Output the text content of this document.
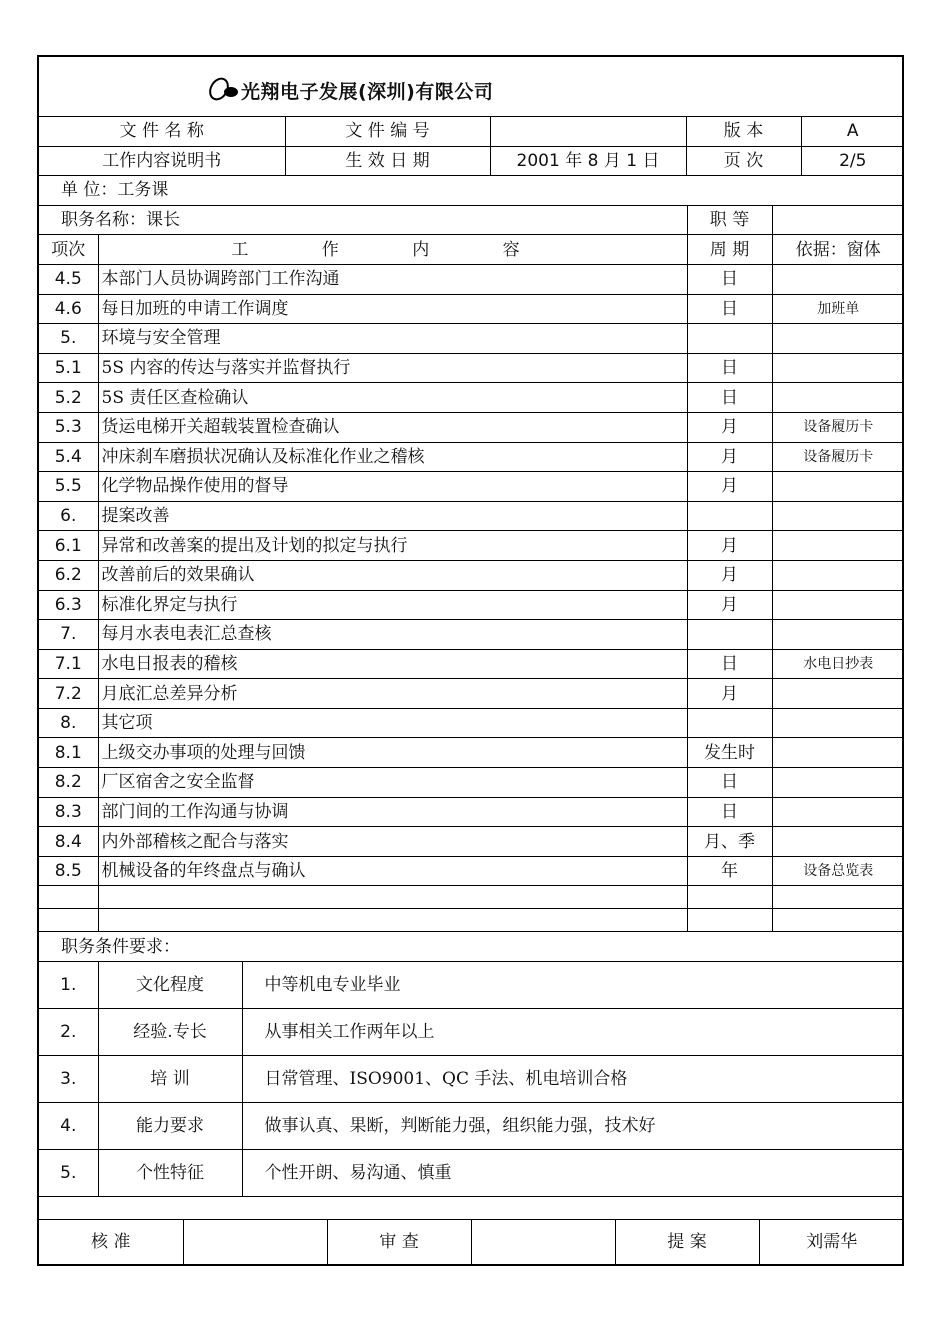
光翔电子发展(深圳)有限公司
文 件 名 称	文 件 编 号		版 本	A
工作内容说明书	生 效 日 期	2001 年 8 月 1 日	页 次	2/5
单 位：工务课			
职务名称：课长		职 等	
项次	工 作 内 容	周 期	依据：窗体
4.5	本部门人员协调跨部门工作沟通	日	
4.6	每日加班的申请工作调度	日	加班单
5.	环境与安全管理		
5.1	5S 内容的传达与落实并监督执行	日	
5.2	5S 责任区查检确认	日	
5.3	货运电梯开关超载装置检查确认	月	设备履历卡
5.4	冲床刹车磨损状况确认及标准化作业之稽核	月	设备履历卡
5.5	化学物品操作使用的督导	月	
6.	提案改善		
6.1	异常和改善案的提出及计划的拟定与执行	月	
6.2	改善前后的效果确认	月	
6.3	标准化界定与执行	月	
7.	每月水表电表汇总查核		
7.1	水电日报表的稽核	日	水电日抄表
7.2	月底汇总差异分析	月	
8.	其它项		
8.1	上级交办事项的处理与回馈	发生时	
8.2	厂区宿舍之安全监督	日	
8.3	部门间的工作沟通与协调	日	
8.4	内外部稽核之配合与落实	月、季	
8.5	机械设备的年终盘点与确认	年	设备总览表

职务条件要求：		
1.	文化程度	中等机电专业毕业
2.	经验.专长	从事相关工作两年以上
3.	培 训	日常管理、ISO9001、QC 手法、机电培训合格
4.	能力要求	做事认真、果断，判断能力强，组织能力强，技术好
5.	个性特征	个性开朗、易沟通、慎重

核 准		审 查		提 案	刘需华
